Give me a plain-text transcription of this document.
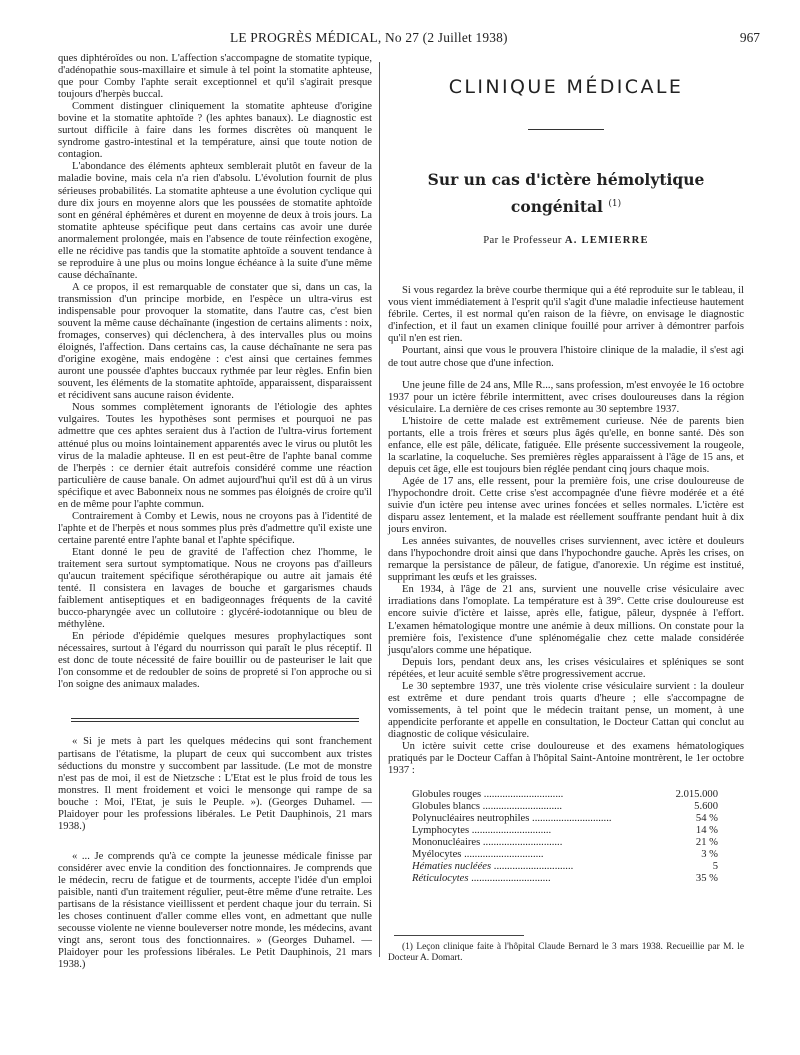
LE PROGRÈS MÉDICAL, No 27 (2 Juillet 1938)	967

ques diphtéroïdes ou non. L'affection s'accompagne de stomatite typique, d'adénopathie sous-maxillaire et simule à tel point la stomatite aphteuse, que pour Comby l'aphte serait exceptionnel et qu'il s'agirait presque toujours d'herpès buccal.

Comment distinguer cliniquement la stomatite aphteuse d'origine bovine et la stomatite aphtoïde ? (les aphtes banaux). Le diagnostic est surtout difficile à faire dans les formes discrètes où manquent le syndrome gastro-intestinal et la température, ainsi que toute notion de contagion.

L'abondance des éléments aphteux semblerait plutôt en faveur de la maladie bovine, mais cela n'a rien d'absolu. L'évolution fournit de plus sérieuses probabilités. La stomatite aphteuse a une évolution cyclique qui dure dix jours en moyenne alors que les poussées de stomatite aphtoïde sont en général éphémères et durent en moyenne de deux à trois jours. La stomatite aphteuse spécifique peut dans certains cas avoir une durée anormalement prolongée, mais en l'absence de toute réinfection exogène, elle ne récidive pas tandis que la stomatite aphtoïde a souvent tendance à se reproduire à une plus ou moins longue échéance à la suite d'une même cause déchaînante.

A ce propos, il est remarquable de constater que si, dans un cas, la transmission d'un principe morbide, en l'espèce un ultra-virus est indispensable pour provoquer la stomatite, dans l'autre cas, c'est bien souvent la même cause déchaînante (ingestion de certains aliments : noix, fromages, conserves) qui déclenchera, à des intervalles plus ou moins éloignés, l'affection. Dans certains cas, la cause déchaînante ne sera pas d'origine exogène, mais endogène : c'est ainsi que certaines femmes auront une poussée d'aphtes buccaux rythmée par leur règles. Enfin bien souvent, les éléments de la stomatite aphtoïde, apparaissent, disparaissent et récidivent sans aucune raison évidente.

Nous sommes complètement ignorants de l'étiologie des aphtes vulgaires. Toutes les hypothèses sont permises et pourquoi ne pas admettre que ces aphtes seraient dus à l'action de l'ultra-virus fortement atténué plus ou moins lointainement apparentés avec le virus ou plutôt les virus de la maladie aphteuse. Il en est peut-être de l'aphte banal comme de l'herpès : ce dernier était autrefois considéré comme une réaction particulière de cause banale. On admet aujourd'hui qu'il est dû à un virus spécifique et avec Babonneix nous ne sommes pas éloignés de croire qu'il en de même pour l'aphte commun.

Contrairement à Comby et Lewis, nous ne croyons pas à l'identité de l'aphte et de l'herpès et nous sommes plus près d'admettre qu'il existe une certaine parenté entre l'aphte banal et l'aphte spécifique.

Etant donné le peu de gravité de l'affection chez l'homme, le traitement sera surtout symptomatique. Nous ne croyons pas d'ailleurs qu'aucun traitement spécifique sérothérapique ou autre ait jamais été tenté. Il consistera en lavages de bouche et gargarismes chauds faiblement antiseptiques et en badigeonnages fréquents de la cavité bucco-pharyngée avec un collutoire : glycéré-iodotannique ou bleu de méthylène.

En période d'épidémie quelques mesures prophylactiques sont nécessaires, surtout à l'égard du nourrisson qui paraît le plus réceptif. Il est donc de toute nécessité de faire bouillir ou de pasteuriser le lait que l'on consomme et de redoubler de soins de propreté si l'on approche ou si l'on soigne des animaux malades.

« Si je mets à part les quelques médecins qui sont franchement partisans de l'étatisme, la plupart de ceux qui succombent aux tristes séductions du monstre y succombent par lassitude. (Le mot de monstre n'est pas de moi, il est de Nietzsche : L'Etat est le plus froid de tous les monstres. Il ment froidement et voici le mensonge qui rampe de sa bouche : Moi, l'Etat, je suis le Peuple. »). (Georges Duhamel. — Plaidoyer pour les professions libérales. Le Petit Dauphinois, 21 mars 1938.)

« ... Je comprends qu'à ce compte la jeunesse médicale finisse par considérer avec envie la condition des fonctionnaires. Je comprends que le médecin, recru de fatigue et de tourments, accepte l'idée d'un emploi paisible, nanti d'un traitement régulier, peut-être même d'une retraite. Les partisans de la résistance vieillissent et perdent chaque jour du terrain. Si les choses continuent d'aller comme elles vont, en admettant que nulle secousse violente ne vienne bouleverser notre monde, les médecins, avant vingt ans, seront tous des fonctionnaires. » (Georges Duhamel. — Plaidoyer pour les professions libérales. Le Petit Dauphinois, 21 mars 1938.)

CLINIQUE MÉDICALE
Sur un cas d'ictère hémolytique
congénital $^{(1)}$
Par le Professeur A. LEMIERRE

Si vous regardez la brève courbe thermique qui a été reproduite sur le tableau, il vous vient immédiatement à l'esprit qu'il s'agit d'une maladie infectieuse hautement fébrile. Certes, il est normal qu'en raison de la fièvre, on envisage le diagnostic d'infection, et il faut un examen clinique fouillé pour arriver à démontrer parfois qu'il n'en est rien.

Pourtant, ainsi que vous le prouvera l'histoire clinique de la maladie, il s'est agi de tout autre chose que d'une infection.

Une jeune fille de 24 ans, Mlle R..., sans profession, m'est envoyée le 16 octobre 1937 pour un ictère fébrile intermittent, avec crises douloureuses dans la région vésiculaire. La dernière de ces crises remonte au 30 septembre 1937.

L'histoire de cette malade est extrêmement curieuse. Née de parents bien portants, elle a trois frères et sœurs plus âgés qu'elle, en bonne santé. Dès son enfance, elle est pâle, délicate, fatiguée. Elle présente successivement la rougeole, la scarlatine, la coqueluche. Ses premières règles apparaissent à l'âge de 15 ans, et depuis cet âge, elle est toujours bien réglée pendant cinq jours chaque mois.

Agée de 17 ans, elle ressent, pour la première fois, une crise douloureuse de l'hypochondre droit. Cette crise s'est accompagnée d'une fièvre modérée et a été suivie d'un ictère peu intense avec urines foncées et selles normales. L'ictère est disparu assez lentement, et la malade est réellement souffrante pendant huit à dix jours environ.

Les années suivantes, de nouvelles crises surviennent, avec ictère et douleurs dans l'hypochondre droit ainsi que dans l'hypochondre gauche. Après les crises, on remarque la persistance de pâleur, de fatigue, d'anorexie. Un régime est institué, supprimant les œufs et les graisses.

En 1934, à l'âge de 21 ans, survient une nouvelle crise vésiculaire avec irradiations dans l'omoplate. La température est à 39°. Cette crise douloureuse est encore suivie d'ictère et laisse, après elle, fatigue, pâleur, dyspnée à l'effort. L'examen hématologique montre une anémie à deux millions. On constate pour la première fois, l'existence d'une splénomégalie chez cette malade considérée jusqu'alors comme une hépatique.

Depuis lors, pendant deux ans, les crises vésiculaires et spléniques se sont répétées, et leur acuité semble s'être progressivement accrue.

Le 30 septembre 1937, une très violente crise vésiculaire survient : la douleur est extrême et dure pendant trois quarts d'heure ; elle s'accompagne de vomissements, à tel point que le médecin traitant pense, un moment, à une appendicite perforante et appelle en consultation, le Docteur Cattan qui conclut au diagnostic de colique vésiculaire.

Un ictère suivit cette crise douloureuse et des examens hématologiques pratiqués par le Docteur Caffan à l'hôpital Saint-Antoine montrèrent, le 1er octobre 1937 :

Globules rouges ..............................	2.015.000
Globules blancs ..............................	5.600
Polynucléaires neutrophiles ..............................	54 %
Lymphocytes ..............................	14 %
Mononucléaires ..............................	21 %
Myélocytes ..............................	3 %
Hématies nucléées ..............................	5
Réticulocytes ..............................	35 %

(1) Leçon clinique faite à l'hôpital Claude Bernard le 3 mars 1938. Recueillie par M. le Docteur A. Domart.
